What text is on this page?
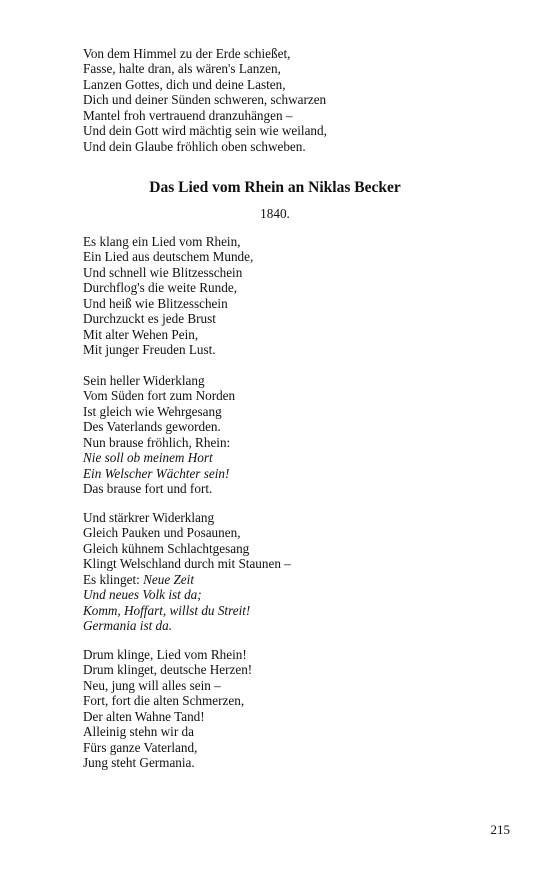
Von dem Himmel zu der Erde schießet,
Fasse, halte dran, als wären's Lanzen,
Lanzen Gottes, dich und deine Lasten,
Dich und deiner Sünden schweren, schwarzen
Mantel froh vertrauend dranzuhängen –
Und dein Gott wird mächtig sein wie weiland,
Und dein Glaube fröhlich oben schweben.
Das Lied vom Rhein an Niklas Becker
1840.
Es klang ein Lied vom Rhein,
Ein Lied aus deutschem Munde,
Und schnell wie Blitzesschein
Durchflog's die weite Runde,
Und heiß wie Blitzesschein
Durchzuckt es jede Brust
Mit alter Wehen Pein,
Mit junger Freuden Lust.
Sein heller Widerklang
Vom Süden fort zum Norden
Ist gleich wie Wehrgesang
Des Vaterlands geworden.
Nun brause fröhlich, Rhein:
Nie soll ob meinem Hort
Ein Welscher Wächter sein!
Das brause fort und fort.
Und stärkrer Widerklang
Gleich Pauken und Posaunen,
Gleich kühnem Schlachtgesang
Klingt Welschland durch mit Staunen –
Es klinget: Neue Zeit
Und neues Volk ist da;
Komm, Hoffart, willst du Streit!
Germania ist da.
Drum klinge, Lied vom Rhein!
Drum klinget, deutsche Herzen!
Neu, jung will alles sein –
Fort, fort die alten Schmerzen,
Der alten Wahne Tand!
Alleinig stehn wir da
Fürs ganze Vaterland,
Jung steht Germania.
215
